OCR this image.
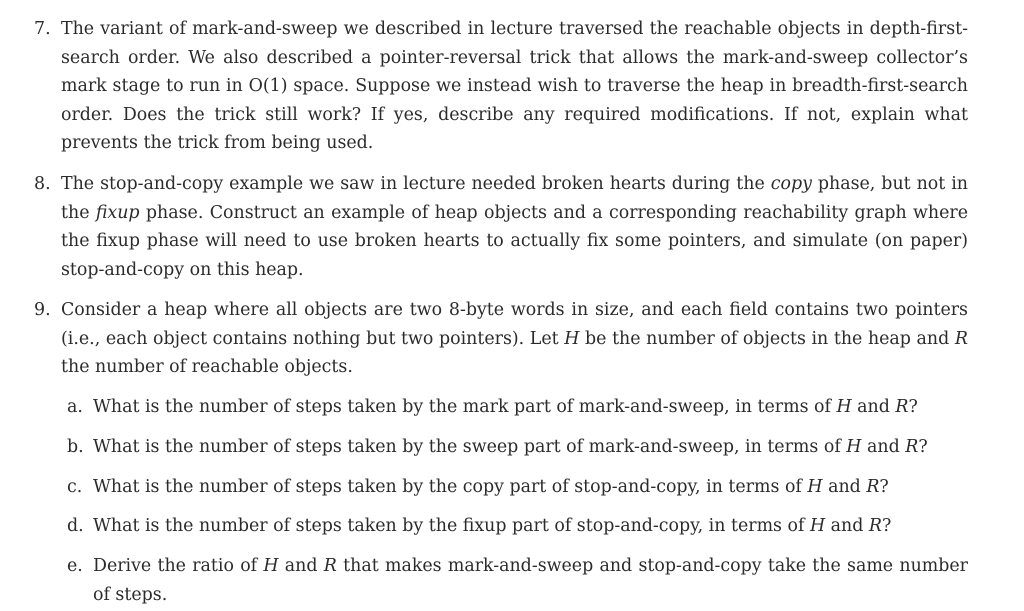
7. The variant of mark-and-sweep we described in lecture traversed the reachable objects in depth-first-search order. We also described a pointer-reversal trick that allows the mark-and-sweep collector’s mark stage to run in O(1) space. Suppose we instead wish to traverse the heap in breadth-first-search order. Does the trick still work? If yes, describe any required modifications. If not, explain what prevents the trick from being used.
8. The stop-and-copy example we saw in lecture needed broken hearts during the copy phase, but not in the fixup phase. Construct an example of heap objects and a corresponding reachability graph where the fixup phase will need to use broken hearts to actually fix some pointers, and simulate (on paper) stop-and-copy on this heap.
9. Consider a heap where all objects are two 8-byte words in size, and each field contains two pointers (i.e., each object contains nothing but two pointers). Let H be the number of objects in the heap and R the number of reachable objects.
a. What is the number of steps taken by the mark part of mark-and-sweep, in terms of H and R?
b. What is the number of steps taken by the sweep part of mark-and-sweep, in terms of H and R?
c. What is the number of steps taken by the copy part of stop-and-copy, in terms of H and R?
d. What is the number of steps taken by the fixup part of stop-and-copy, in terms of H and R?
e. Derive the ratio of H and R that makes mark-and-sweep and stop-and-copy take the same number of steps.
